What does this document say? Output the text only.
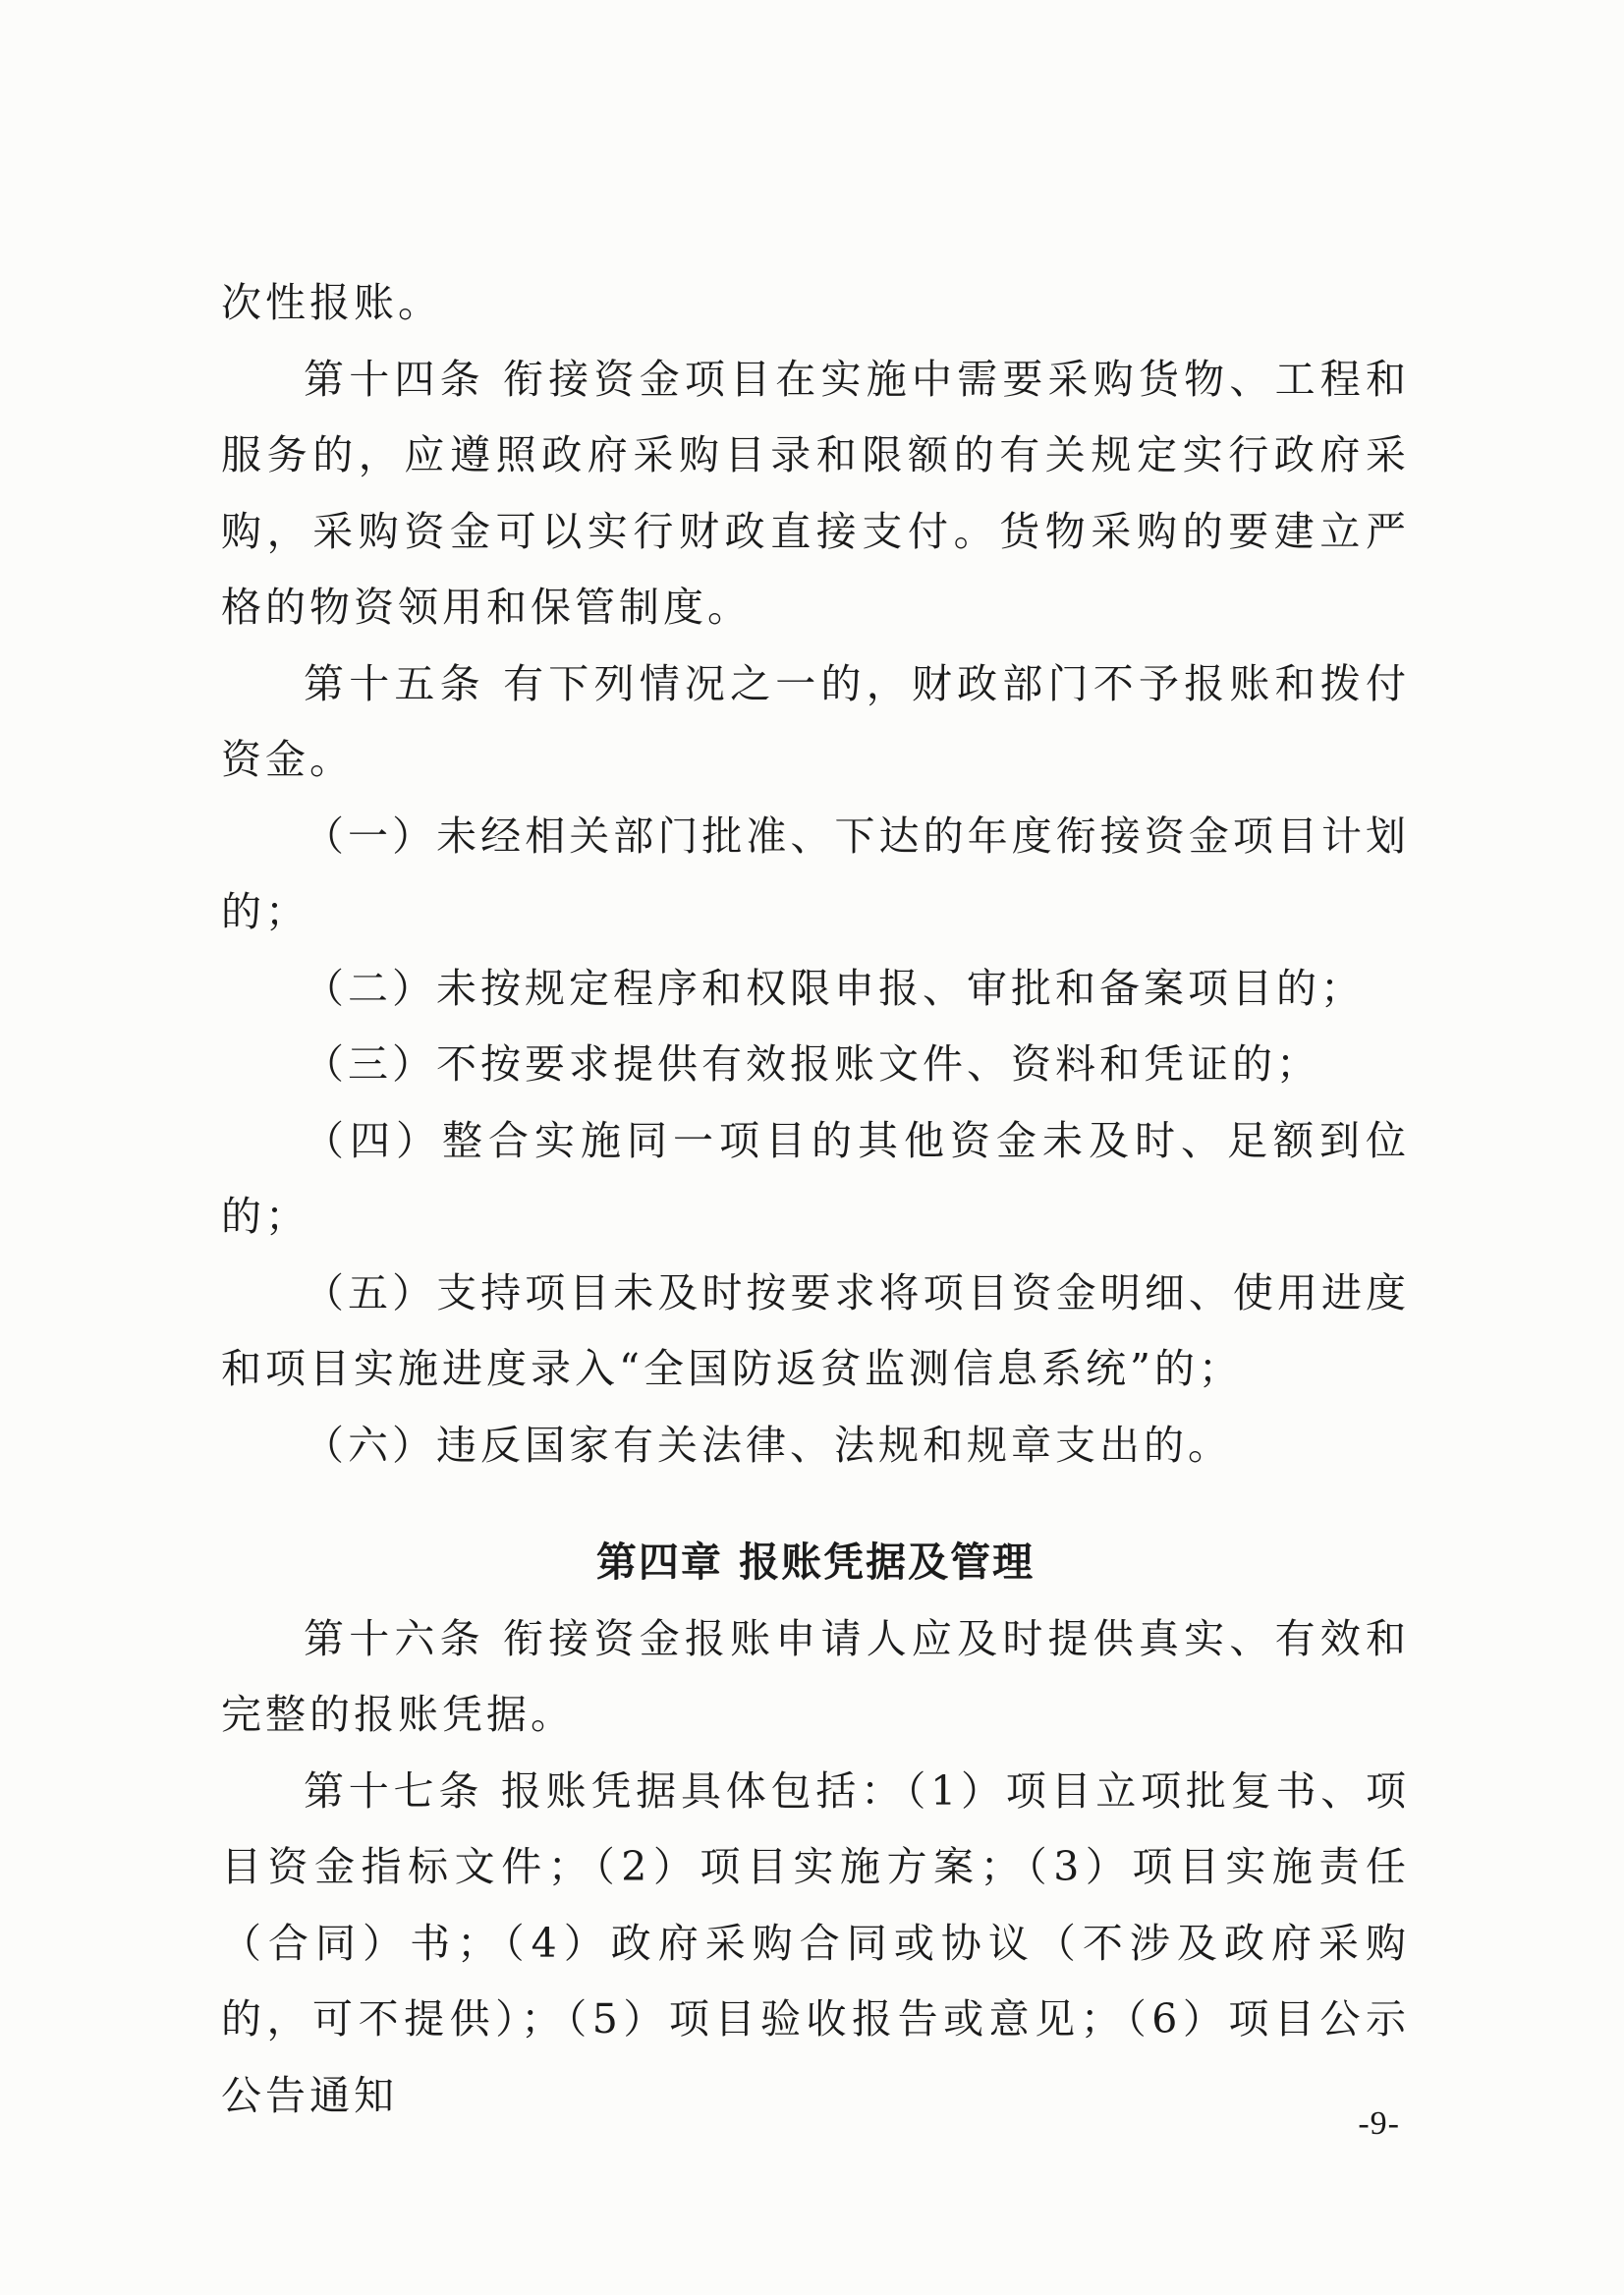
次性报账。

第十四条 衔接资金项目在实施中需要采购货物、工程和服务的，应遵照政府采购目录和限额的有关规定实行政府采购，采购资金可以实行财政直接支付。货物采购的要建立严格的物资领用和保管制度。

第十五条 有下列情况之一的，财政部门不予报账和拨付资金。

（一）未经相关部门批准、下达的年度衔接资金项目计划的；

（二）未按规定程序和权限申报、审批和备案项目的；

（三）不按要求提供有效报账文件、资料和凭证的；

（四）整合实施同一项目的其他资金未及时、足额到位的；

（五）支持项目未及时按要求将项目资金明细、使用进度和项目实施进度录入“全国防返贫监测信息系统”的；

（六）违反国家有关法律、法规和规章支出的。

第四章 报账凭据及管理

第十六条 衔接资金报账申请人应及时提供真实、有效和完整的报账凭据。

第十七条 报账凭据具体包括：（1）项目立项批复书、项目资金指标文件；（2）项目实施方案；（3）项目实施责任（合同）书；（4）政府采购合同或协议（不涉及政府采购的，可不提供）；（5）项目验收报告或意见；（6）项目公示公告通知

-9-
